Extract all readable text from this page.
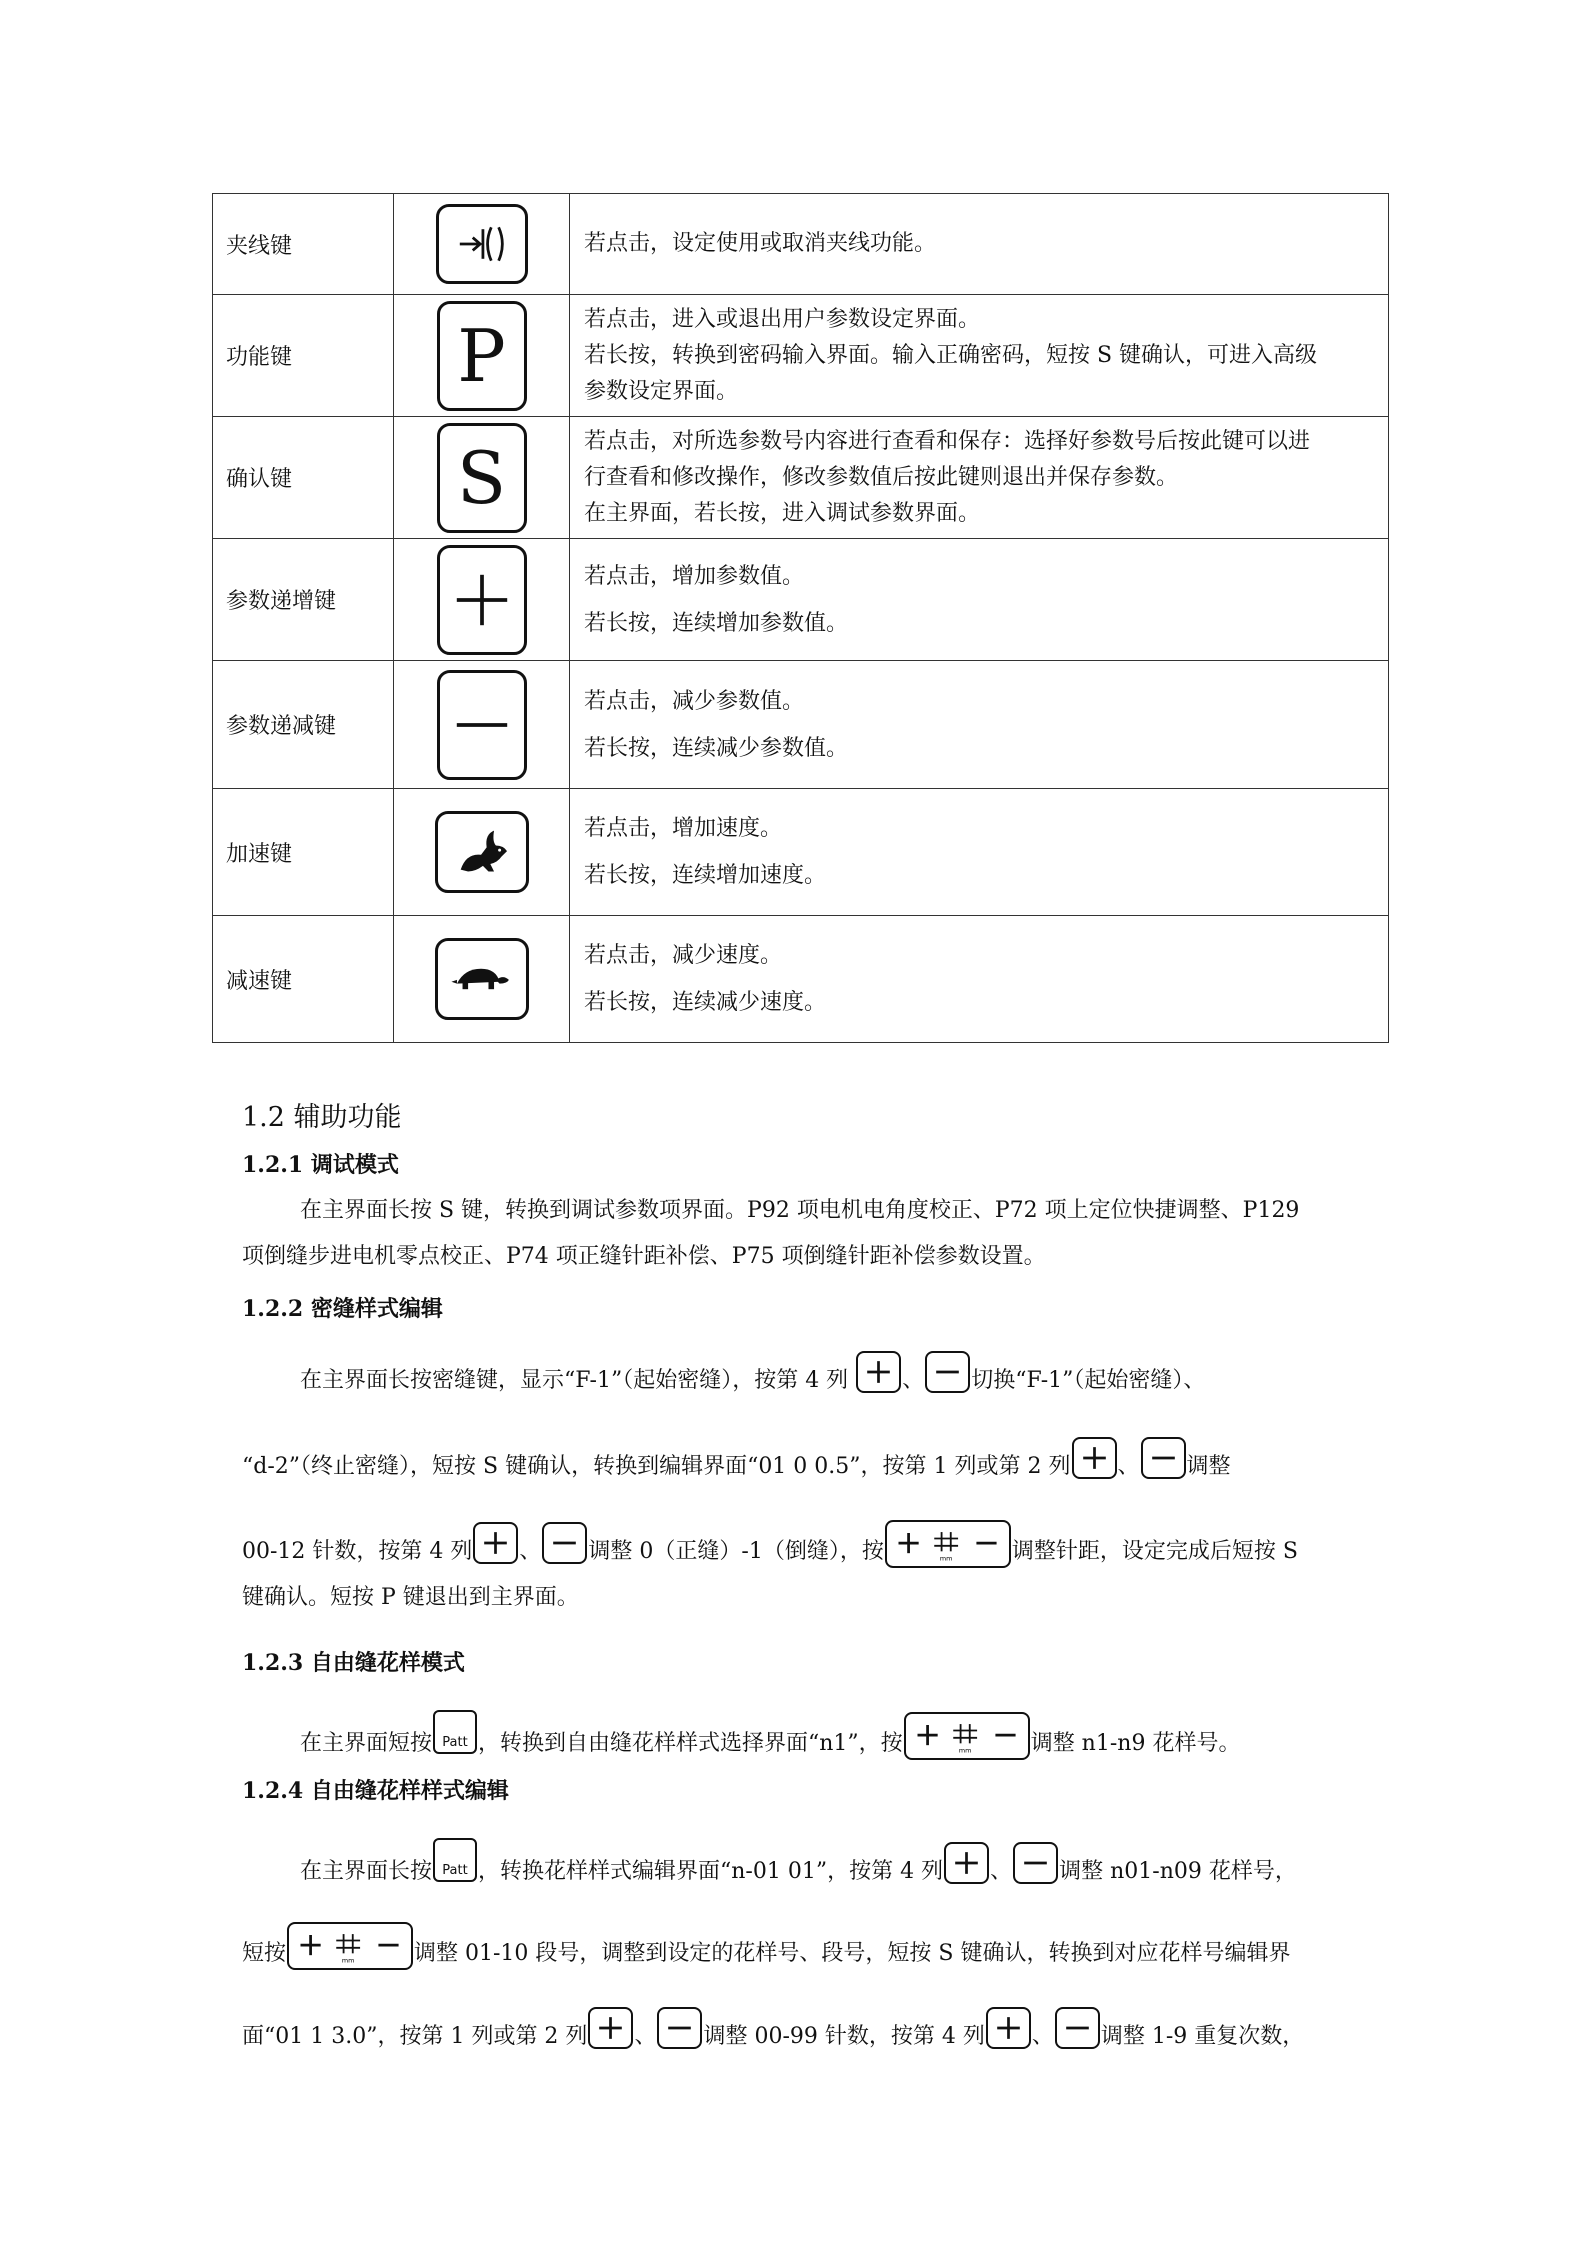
夹线键		若点击，设定使用或取消夹线功能。

功能键	P	若点击，进入或退出用户参数设定界面。
若长按，转换到密码输入界面。输入正确密码，短按 S 键确认，可进入高级
参数设定界面。

确认键	S	若点击，对所选参数号内容进行查看和保存：选择好参数号后按此键可以进
行查看和修改操作，修改参数值后按此键则退出并保存参数。
在主界面，若长按，进入调试参数界面。

参数递增键		若点击，增加参数值。
若长按，连续增加参数值。

参数递减键		若点击，减少参数值。
若长按，连续减少参数值。

加速键		若点击，增加速度。
若长按，连续增加速度。

减速键		若点击，减少速度。
若长按，连续减少速度。
1.2 辅助功能
1.2.1 调试模式
在主界面长按 S 键，转换到调试参数项界面。P92 项电机电角度校正、P72 项上定位快捷调整、P129
项倒缝步进电机零点校正、P74 项正缝针距补偿、P75 项倒缝针距补偿参数设置。
1.2.2 密缝样式编辑
在主界面长按密缝键，显示“F-1”（起始密缝），按第 4 列 、 切换“F-1”（起始密缝）、
“d-2”（终止密缝），短按 S 键确认，转换到编辑界面“01 0 0.5”，按第 1 列或第 2 列 、 调整
00-12 针数，按第 4 列 、 调整 0（正缝）-1（倒缝），按	mm	调整针距，设定完成后短按 S
键确认。短按 P 键退出到主界面。
1.2.3 自由缝花样模式
在主界面短按 Patt ，转换到自由缝花样样式选择界面“n1”，按	mm	调整 n1-n9 花样号。
1.2.4 自由缝花样样式编辑
在主界面长按 Patt ，转换花样样式编辑界面“n-01 01”，按第 4 列 、 调整 n01-n09 花样号，
短按	mm	调整 01-10 段号，调整到设定的花样号、段号，短按 S 键确认，转换到对应花样号编辑界
面“01 1 3.0”，按第 1 列或第 2 列 、 调整 00-99 针数，按第 4 列 、 调整 1-9 重复次数，
